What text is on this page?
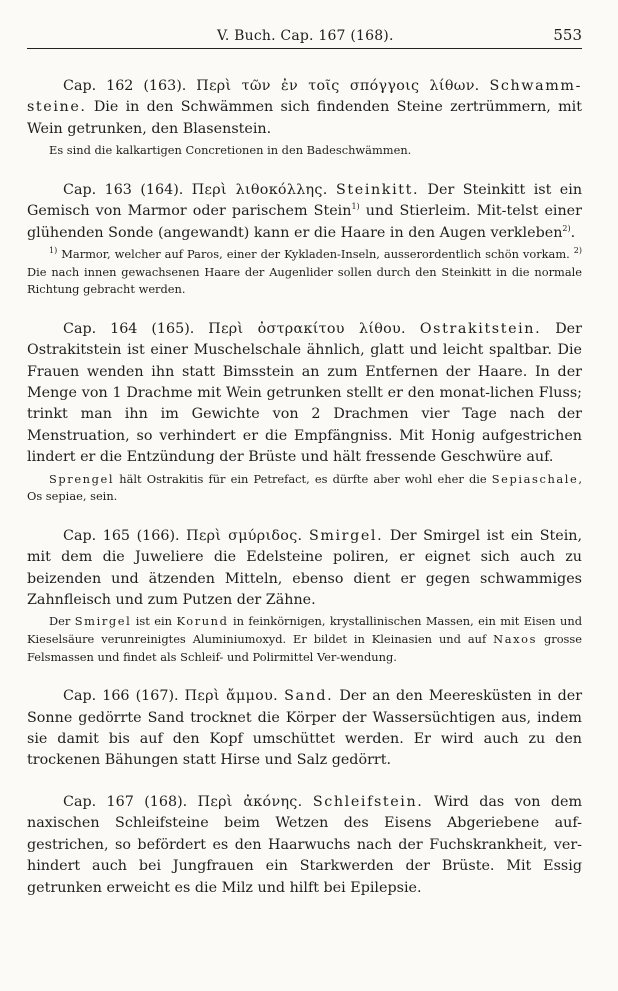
V. Buch. Cap. 167 (168).	553

Cap. 162 (163). Περὶ τῶν ἐν τοῖς σπόγγοις λίθων. Schwamm-steine. Die in den Schwämmen sich findenden Steine zertrümmern, mit Wein getrunken, den Blasenstein.

Es sind die kalkartigen Concretionen in den Badeschwämmen.

Cap. 163 (164). Περὶ λιθοκόλλης. Steinkitt. Der Steinkitt ist ein Gemisch von Marmor oder parischem Stein$^{1)}$ und Stierleim. Mit-telst einer glühenden Sonde (angewandt) kann er die Haare in den Augen verkleben$^{2)}$.

$^{1)}$ Marmor, welcher auf Paros, einer der Kykladen-Inseln, ausserordentlich schön vorkam. $^{2)}$ Die nach innen gewachsenen Haare der Augenlider sollen durch den Steinkitt in die normale Richtung gebracht werden.

Cap. 164 (165). Περὶ ὀστρακίτου λίθου. Ostrakitstein. Der Ostrakitstein ist einer Muschelschale ähnlich, glatt und leicht spaltbar. Die Frauen wenden ihn statt Bimsstein an zum Entfernen der Haare. In der Menge von 1 Drachme mit Wein getrunken stellt er den monat-lichen Fluss; trinkt man ihn im Gewichte von 2 Drachmen vier Tage nach der Menstruation, so verhindert er die Empfängniss. Mit Honig aufgestrichen lindert er die Entzündung der Brüste und hält fressende Geschwüre auf.

Sprengel hält Ostrakitis für ein Petrefact, es dürfte aber wohl eher die Sepiaschale, Os sepiae, sein.

Cap. 165 (166). Περὶ σμύριδος. Smirgel. Der Smirgel ist ein Stein, mit dem die Juweliere die Edelsteine poliren, er eignet sich auch zu beizenden und ätzenden Mitteln, ebenso dient er gegen schwammiges Zahnfleisch und zum Putzen der Zähne.

Der Smirgel ist ein Korund in feinkörnigen, krystallinischen Massen, ein mit Eisen und Kieselsäure verunreinigtes Aluminiumoxyd. Er bildet in Kleinasien und auf Naxos grosse Felsmassen und findet als Schleif- und Polirmittel Ver-wendung.

Cap. 166 (167). Περὶ ἄμμου. Sand. Der an den Meeresküsten in der Sonne gedörrte Sand trocknet die Körper der Wassersüchtigen aus, indem sie damit bis auf den Kopf umschüttet werden. Er wird auch zu den trockenen Bähungen statt Hirse und Salz gedörrt.

Cap. 167 (168). Περὶ ἀκόνης. Schleifstein. Wird das von dem naxischen Schleifsteine beim Wetzen des Eisens Abgeriebene auf-gestrichen, so befördert es den Haarwuchs nach der Fuchskrankheit, ver-hindert auch bei Jungfrauen ein Starkwerden der Brüste. Mit Essig getrunken erweicht es die Milz und hilft bei Epilepsie.
